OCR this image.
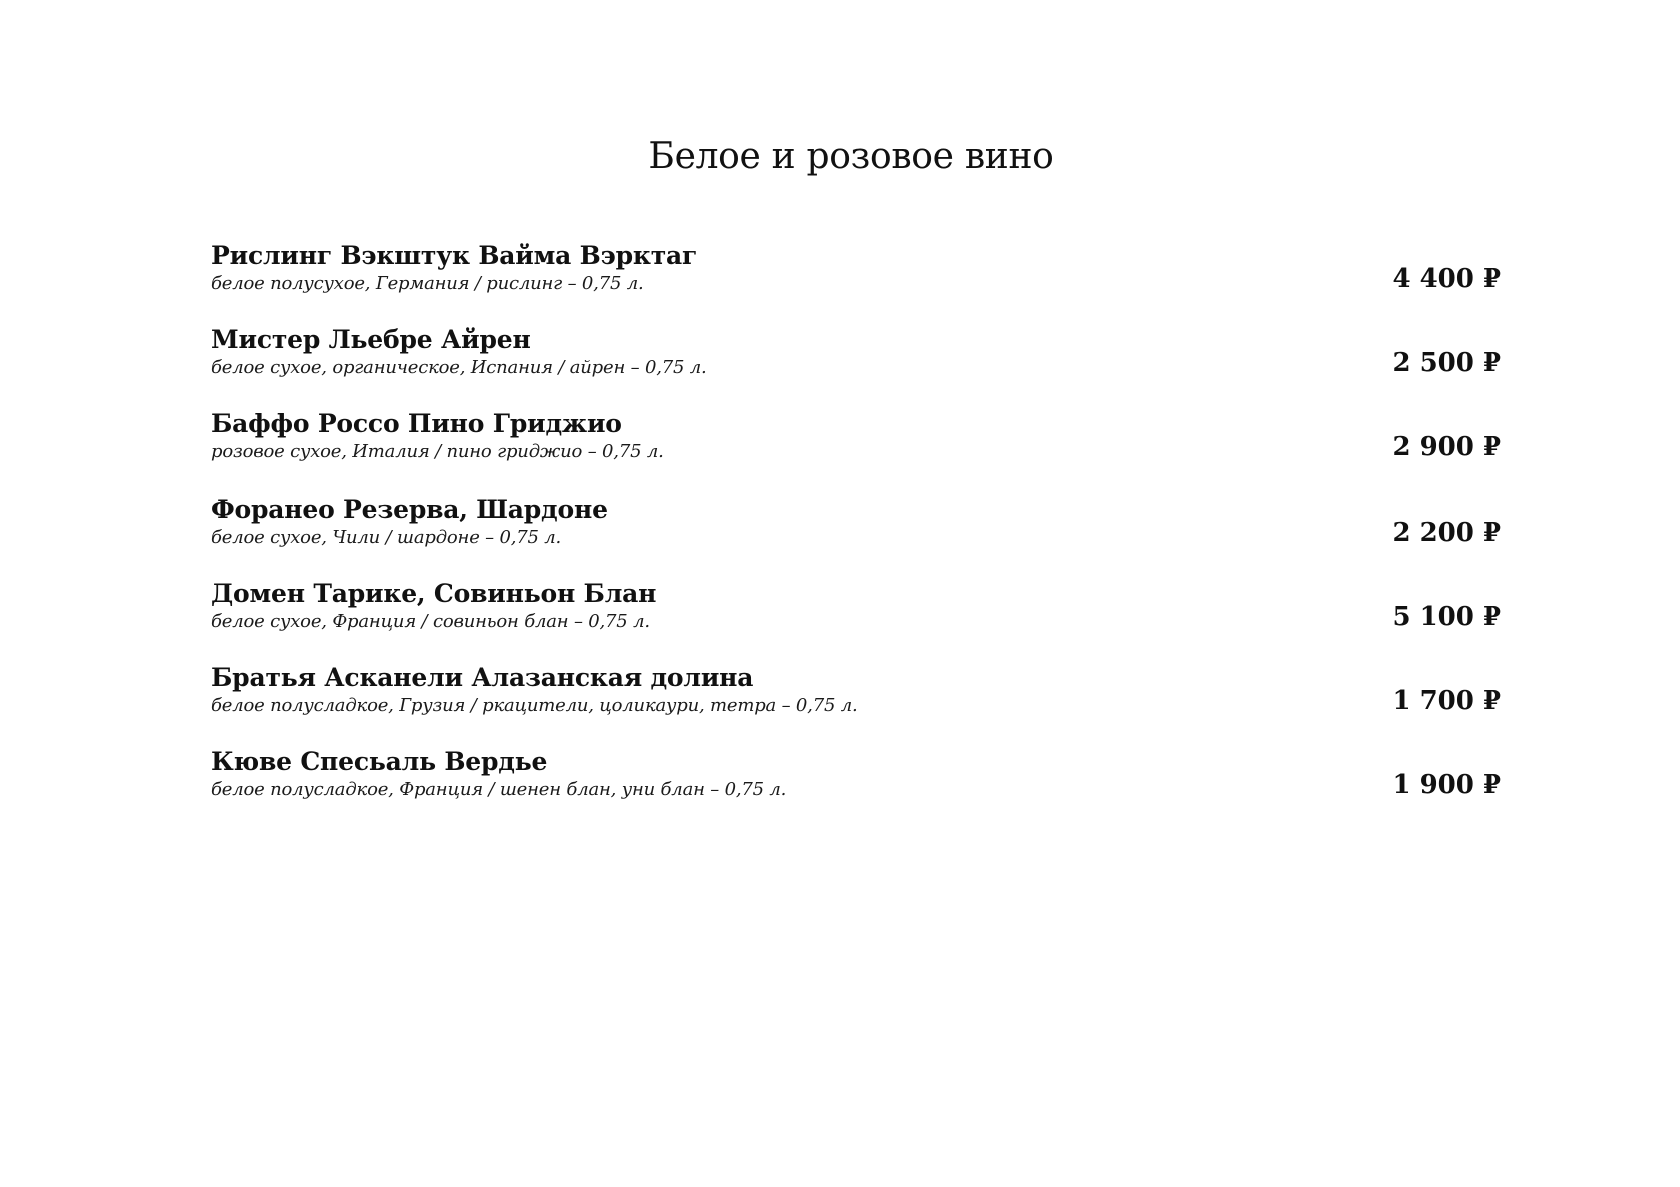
Белое и розовое вино
Рислинг Вэкштук Вайма Вэрктаг
белое полусухое, Германия / рислинг – 0,75 л.	4 400 ₽
Мистер Льебре Айрен
белое сухое, органическое, Испания / айрен – 0,75 л.	2 500 ₽
Баффо Россо Пино Гриджио
розовое сухое, Италия / пино гриджио – 0,75 л.	2 900 ₽
Форанео Резерва, Шардоне
белое сухое, Чили / шардоне – 0,75 л.	2 200 ₽
Домен Тарике, Совиньон Блан
белое сухое, Франция / совиньон блан – 0,75 л.	5 100 ₽
Братья Асканели Алазанская долина
белое полусладкое, Грузия / ркацители, цоликаури, тетра – 0,75 л.	1 700 ₽
Кюве Спесьаль Вердье
белое полусладкое, Франция / шенен блан, уни блан – 0,75 л.	1 900 ₽
